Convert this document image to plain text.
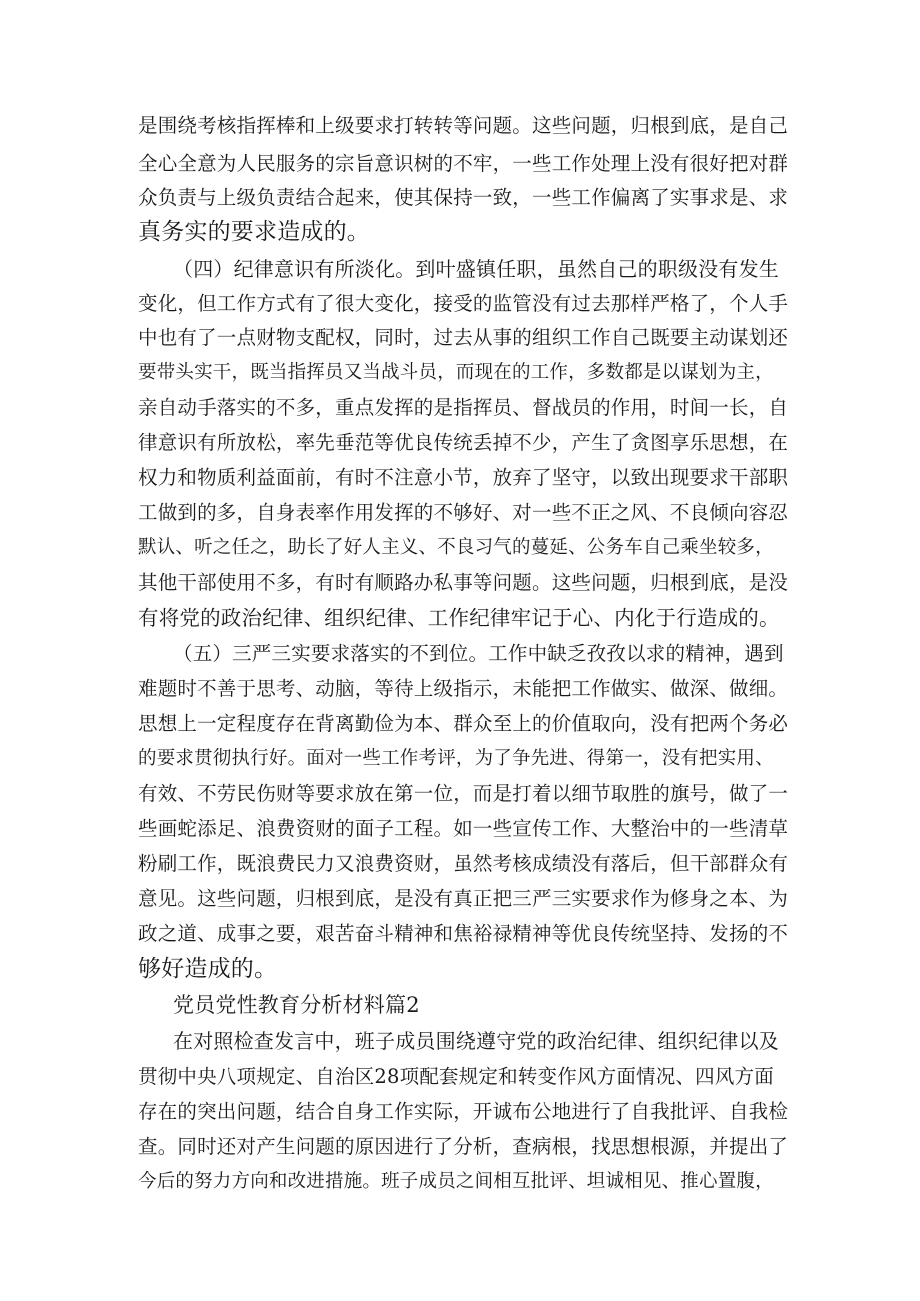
是围绕考核指挥棒和上级要求打转转等问题。这些问题，归根到底，是自己
全心全意为人民服务的宗旨意识树的不牢，一些工作处理上没有很好把对群
众负责与上级负责结合起来，使其保持一致，一些工作偏离了实事求是、求
真务实的要求造成的。
（四）纪律意识有所淡化。到叶盛镇任职，虽然自己的职级没有发生
变化，但工作方式有了很大变化，接受的监管没有过去那样严格了，个人手
中也有了一点财物支配权，同时，过去从事的组织工作自己既要主动谋划还
要带头实干，既当指挥员又当战斗员，而现在的工作，多数都是以谋划为主，
亲自动手落实的不多，重点发挥的是指挥员、督战员的作用，时间一长，自
律意识有所放松，率先垂范等优良传统丢掉不少，产生了贪图享乐思想，在
权力和物质利益面前，有时不注意小节，放弃了坚守，以致出现要求干部职
工做到的多，自身表率作用发挥的不够好、对一些不正之风、不良倾向容忍
默认、听之任之，助长了好人主义、不良习气的蔓延、公务车自己乘坐较多，
其他干部使用不多，有时有顺路办私事等问题。这些问题，归根到底，是没
有将党的政治纪律、组织纪律、工作纪律牢记于心、内化于行造成的。
（五）三严三实要求落实的不到位。工作中缺乏孜孜以求的精神，遇到
难题时不善于思考、动脑，等待上级指示，未能把工作做实、做深、做细。
思想上一定程度存在背离勤俭为本、群众至上的价值取向，没有把两个务必
的要求贯彻执行好。面对一些工作考评，为了争先进、得第一，没有把实用、
有效、不劳民伤财等要求放在第一位，而是打着以细节取胜的旗号，做了一
些画蛇添足、浪费资财的面子工程。如一些宣传工作、大整治中的一些清草
粉刷工作，既浪费民力又浪费资财，虽然考核成绩没有落后，但干部群众有
意见。这些问题，归根到底，是没有真正把三严三实要求作为修身之本、为
政之道、成事之要，艰苦奋斗精神和焦裕禄精神等优良传统坚持、发扬的不
够好造成的。
党员党性教育分析材料篇2
在对照检查发言中，班子成员围绕遵守党的政治纪律、组织纪律以及
贯彻中央八项规定、自治区28项配套规定和转变作风方面情况、四风方面
存在的突出问题，结合自身工作实际，开诚布公地进行了自我批评、自我检
查。同时还对产生问题的原因进行了分析，查病根，找思想根源，并提出了
今后的努力方向和改进措施。班子成员之间相互批评、坦诚相见、推心置腹，
